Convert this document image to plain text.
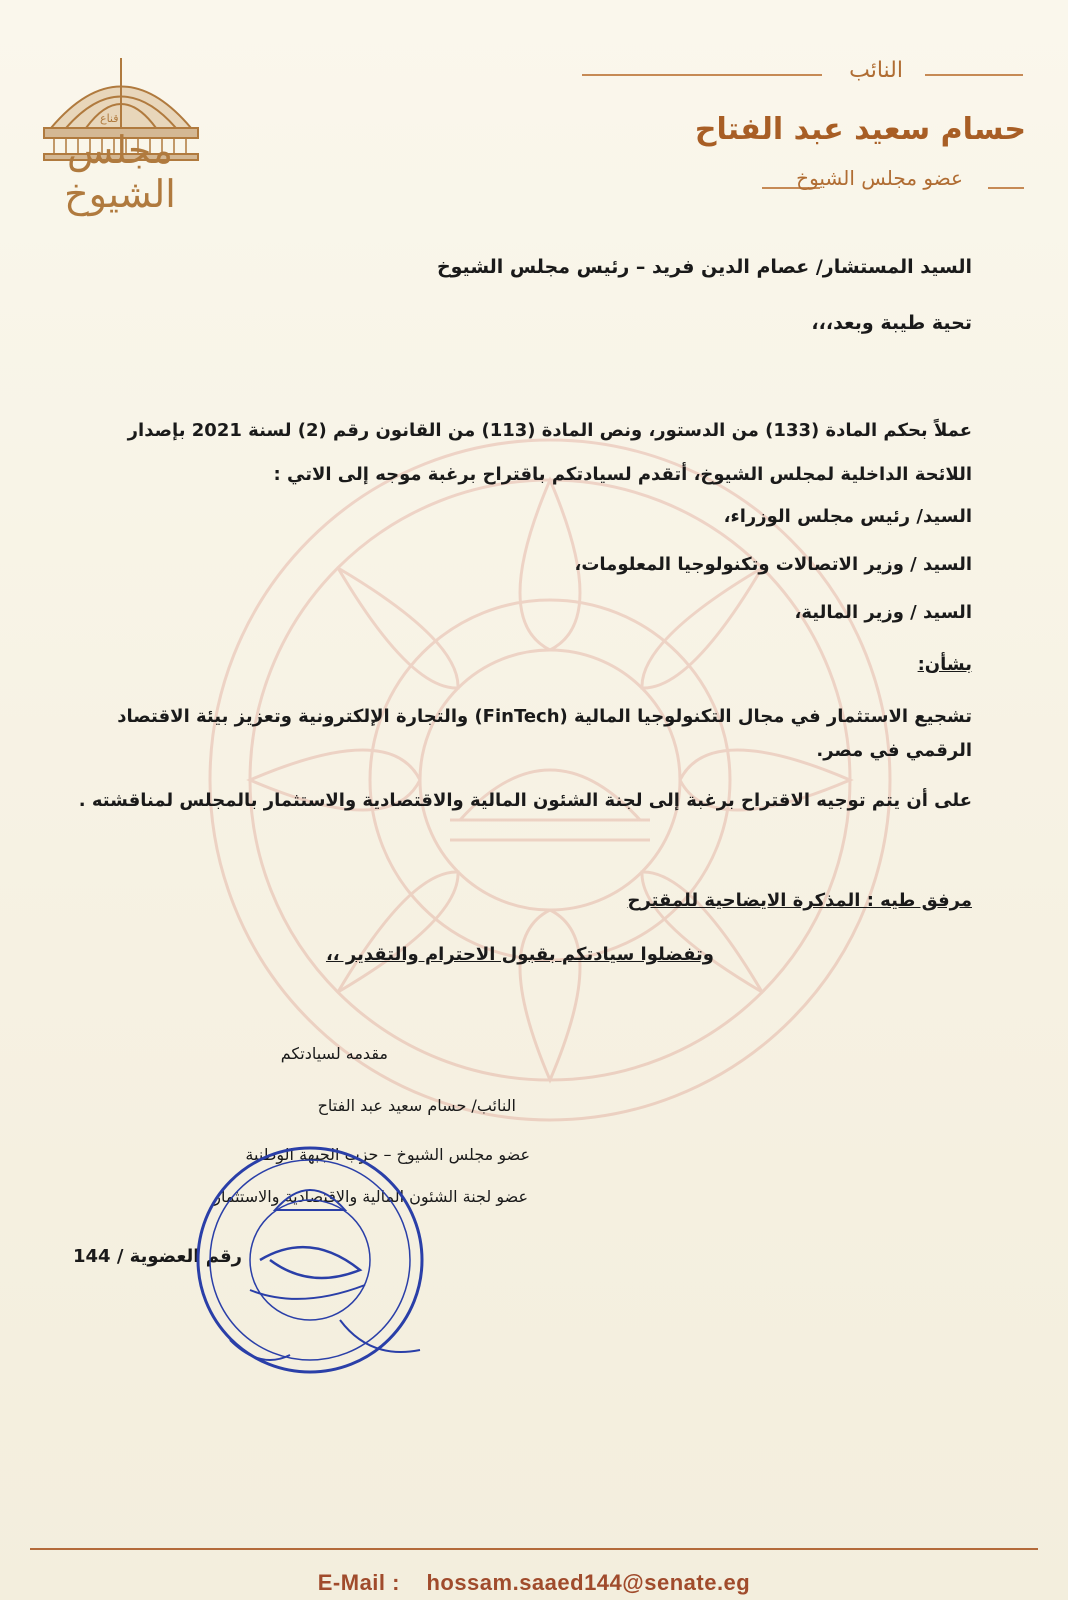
قناع
مجلس الشيوخ
النائب
حسام سعيد عبد الفتاح
عضو مجلس الشيوخ
السيد المستشار/ عصام الدين فريد – رئيس مجلس الشيوخ
تحية طيبة وبعد،،،
عملاً بحكم المادة (133) من الدستور، ونص المادة (113) من القانون رقم (2) لسنة 2021 بإصدار
اللائحة الداخلية لمجلس الشيوخ، أتقدم لسيادتكم باقتراح برغبة موجه إلى الاتي :
السيد/ رئيس مجلس الوزراء،
السيد / وزير الاتصالات وتكنولوجيا المعلومات،
السيد / وزير المالية،
بشأن:
تشجيع الاستثمار في مجال التكنولوجيا المالية (FinTech) والتجارة الإلكترونية وتعزيز بيئة الاقتصاد
الرقمي في مصر.
على أن يتم توجيه الاقتراح برغبة إلى لجنة الشئون المالية والاقتصادية والاستثمار بالمجلس لمناقشته .
مرفق طيه : المذكرة الايضاحية للمقترح
وتفضلوا سيادتكم بقبول الاحترام والتقدير ،،
مقدمه لسيادتكم
النائب/ حسام سعيد عبد الفتاح
عضو مجلس الشيوخ – حزب الجبهة الوطنية
عضو لجنة الشئون المالية والاقتصادية والاستثمار
رقم العضوية / 144
E-Mail : hossam.saaed144@senate.eg
